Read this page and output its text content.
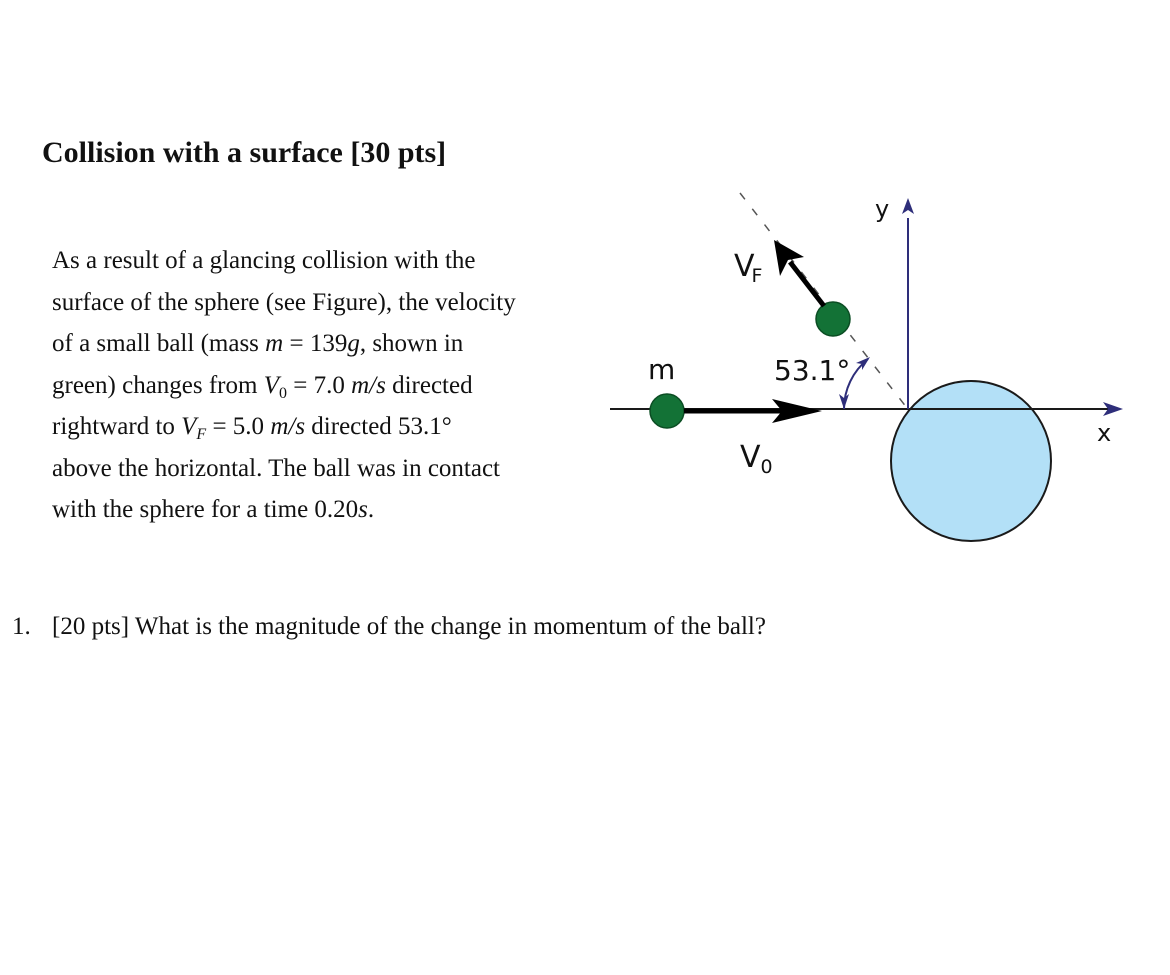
Collision with a surface [30 pts]

As a result of a glancing collision with the
surface of the sphere (see Figure), the velocity
of a small ball (mass m = 139g, shown in
green) changes from $V_0 = 7.0$ m/s directed
rightward to $V_F = 5.0$ m/s directed 53.1°
above the horizontal. The ball was in contact
with the sphere for a time 0.20s.

x
y
m
$V_0$
VF
53.1°

1. [20 pts] What is the magnitude of the change in momentum of the ball?
